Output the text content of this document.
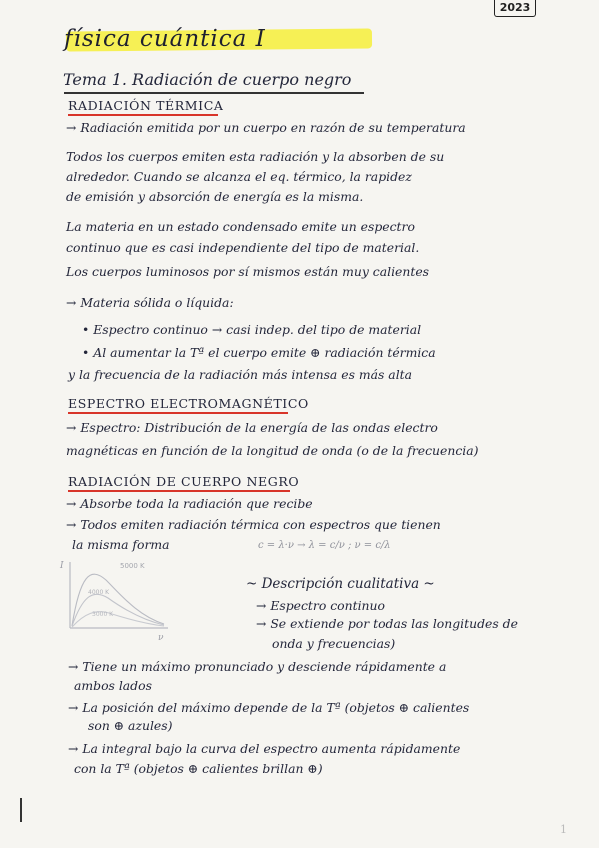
2023
física cuántica I
Tema 1. Radiación de cuerpo negro
RADIACIÓN TÉRMICA
→ Radiación emitida por un cuerpo en razón de su temperatura
Todos los cuerpos emiten esta radiación y la absorben de su
alrededor. Cuando se alcanza el eq. térmico, la rapidez
de emisión y absorción de energía es la misma.
La materia en un estado condensado emite un espectro
continuo que es casi independiente del tipo de material.
Los cuerpos luminosos por sí mismos están muy calientes
→ Materia sólida o líquida:
• Espectro continuo → casi indep. del tipo de material
• Al aumentar la Tª el cuerpo emite ⊕ radiación térmica
y la frecuencia de la radiación más intensa es más alta
ESPECTRO ELECTROMAGNÉTICO
→ Espectro: Distribución de la energía de las ondas electro
magnéticas en función de la longitud de onda (o de la frecuencia)
RADIACIÓN DE CUERPO NEGRO
→ Absorbe toda la radiación que recibe
→ Todos emiten radiación térmica con espectros que tienen
la misma forma	c = λ·ν → λ = c/ν ; ν = c/λ
I
ν
5000 K
4000 K
3000 K
~ Descripción cualitativa ~
→ Espectro continuo
→ Se extiende por todas las longitudes de
onda y frecuencias)
→ Tiene un máximo pronunciado y desciende rápidamente a
ambos lados
→ La posición del máximo depende de la Tª (objetos ⊕ calientes
son ⊕ azules)
→ La integral bajo la curva del espectro aumenta rápidamente
con la Tª (objetos ⊕ calientes brillan ⊕)
1
